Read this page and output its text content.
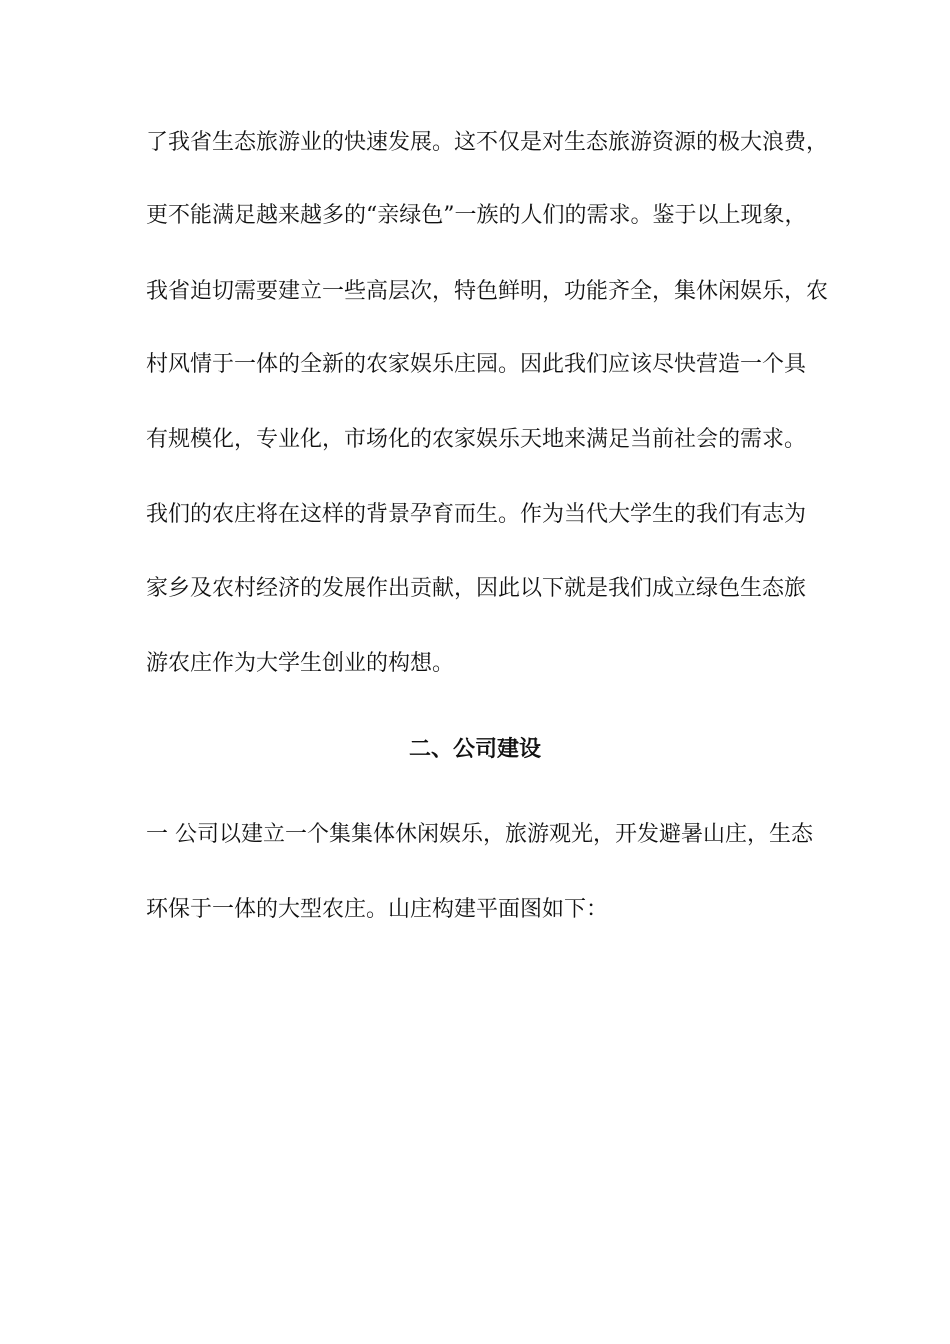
了我省生态旅游业的快速发展。这不仅是对生态旅游资源的极大浪费，
更不能满足越来越多的“亲绿色”一族的人们的需求。鉴于以上现象，
我省迫切需要建立一些高层次，特色鲜明，功能齐全，集休闲娱乐，农
村风情于一体的全新的农家娱乐庄园。因此我们应该尽快营造一个具
有规模化，专业化，市场化的农家娱乐天地来满足当前社会的需求。
我们的农庄将在这样的背景孕育而生。作为当代大学生的我们有志为
家乡及农村经济的发展作出贡献，因此以下就是我们成立绿色生态旅
游农庄作为大学生创业的构想。
二、公司建设
一 公司以建立一个集集体休闲娱乐，旅游观光，开发避暑山庄，生态
环保于一体的大型农庄。山庄构建平面图如下：
